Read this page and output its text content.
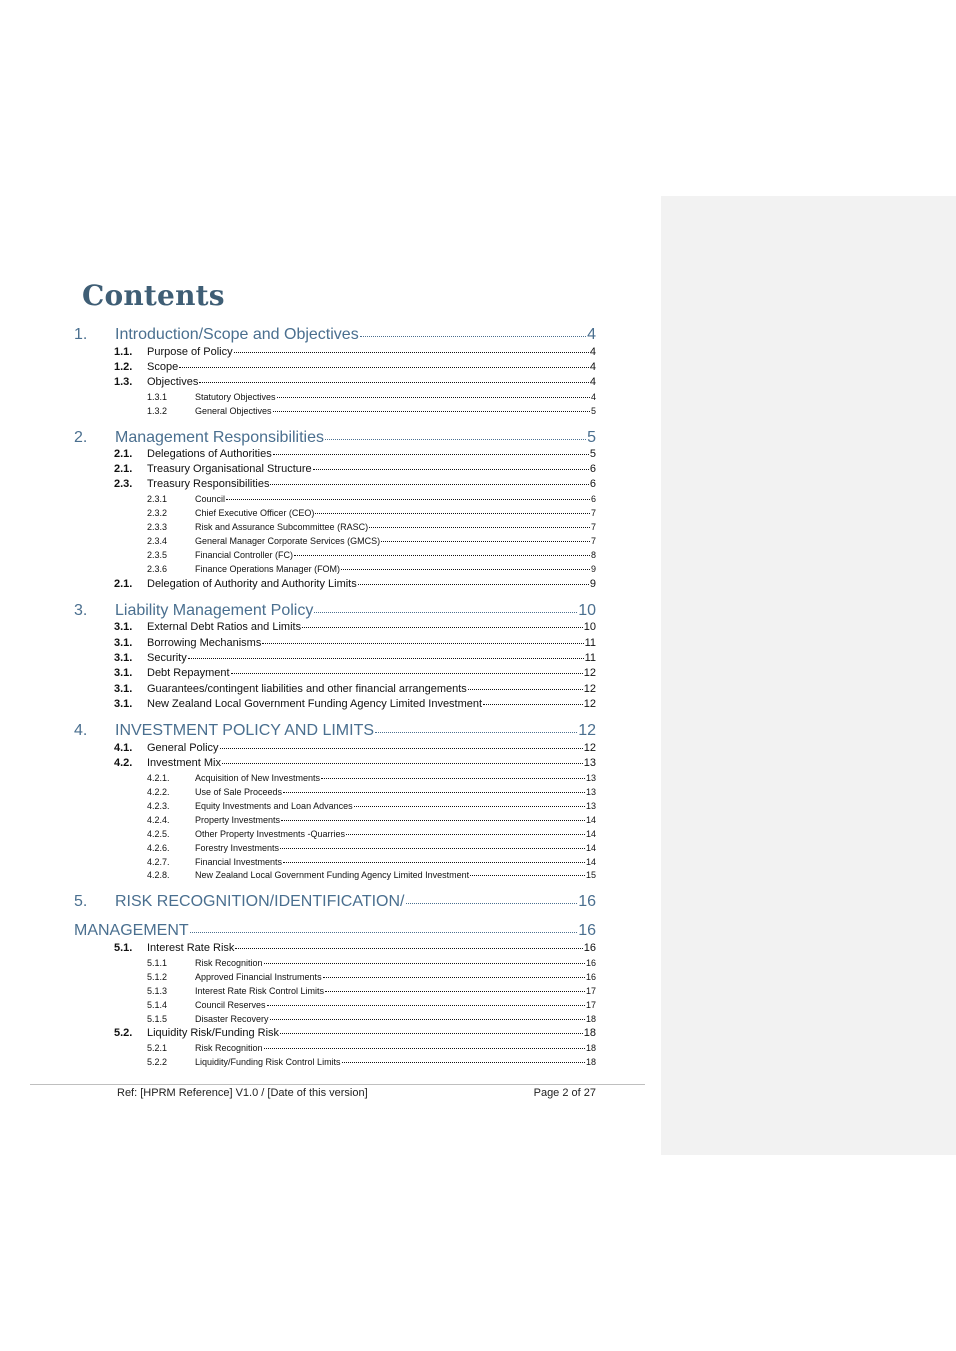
Contents
1.	Introduction/Scope and Objectives	4
1.1.	Purpose of Policy	4
1.2.	Scope	4
1.3.	Objectives	4
1.3.1	Statutory Objectives	4
1.3.2	General Objectives	5
2.	Management Responsibilities	5
2.1.	Delegations of Authorities	5
2.1.	Treasury Organisational Structure	6
2.3.	Treasury Responsibilities	6
2.3.1	Council	6
2.3.2	Chief Executive Officer (CEO)	7
2.3.3	Risk and Assurance Subcommittee (RASC)	7
2.3.4	General Manager Corporate Services (GMCS)	7
2.3.5	Financial Controller (FC)	8
2.3.6	Finance Operations Manager (FOM)	9
2.1.	Delegation of Authority and Authority Limits	9
3.	Liability Management Policy	10
3.1.	External Debt Ratios and Limits	10
3.1.	Borrowing Mechanisms	11
3.1.	Security	11
3.1.	Debt Repayment	12
3.1.	Guarantees/contingent liabilities and other financial arrangements	12
3.1.	New Zealand Local Government Funding Agency Limited Investment	12
4.	INVESTMENT POLICY AND LIMITS	12
4.1.	General Policy	12
4.2.	Investment Mix	13
4.2.1.	Acquisition of New Investments	13
4.2.2.	Use of Sale Proceeds	13
4.2.3.	Equity Investments and Loan Advances	13
4.2.4.	Property Investments	14
4.2.5.	Other Property Investments -Quarries	14
4.2.6.	Forestry Investments	14
4.2.7.	Financial Investments	14
4.2.8.	New Zealand Local Government Funding Agency Limited Investment	15
5.	RISK RECOGNITION/IDENTIFICATION/	16
MANAGEMENT	16
5.1.	Interest Rate Risk	16
5.1.1	Risk Recognition	16
5.1.2	Approved Financial Instruments	16
5.1.3	Interest Rate Risk Control Limits	17
5.1.4	Council Reserves	17
5.1.5	Disaster Recovery	18
5.2.	Liquidity Risk/Funding Risk	18
5.2.1	Risk Recognition	18
5.2.2	Liquidity/Funding Risk Control Limits	18
Ref: [HPRM Reference] V1.0 / [Date of this version]	Page 2 of 27
